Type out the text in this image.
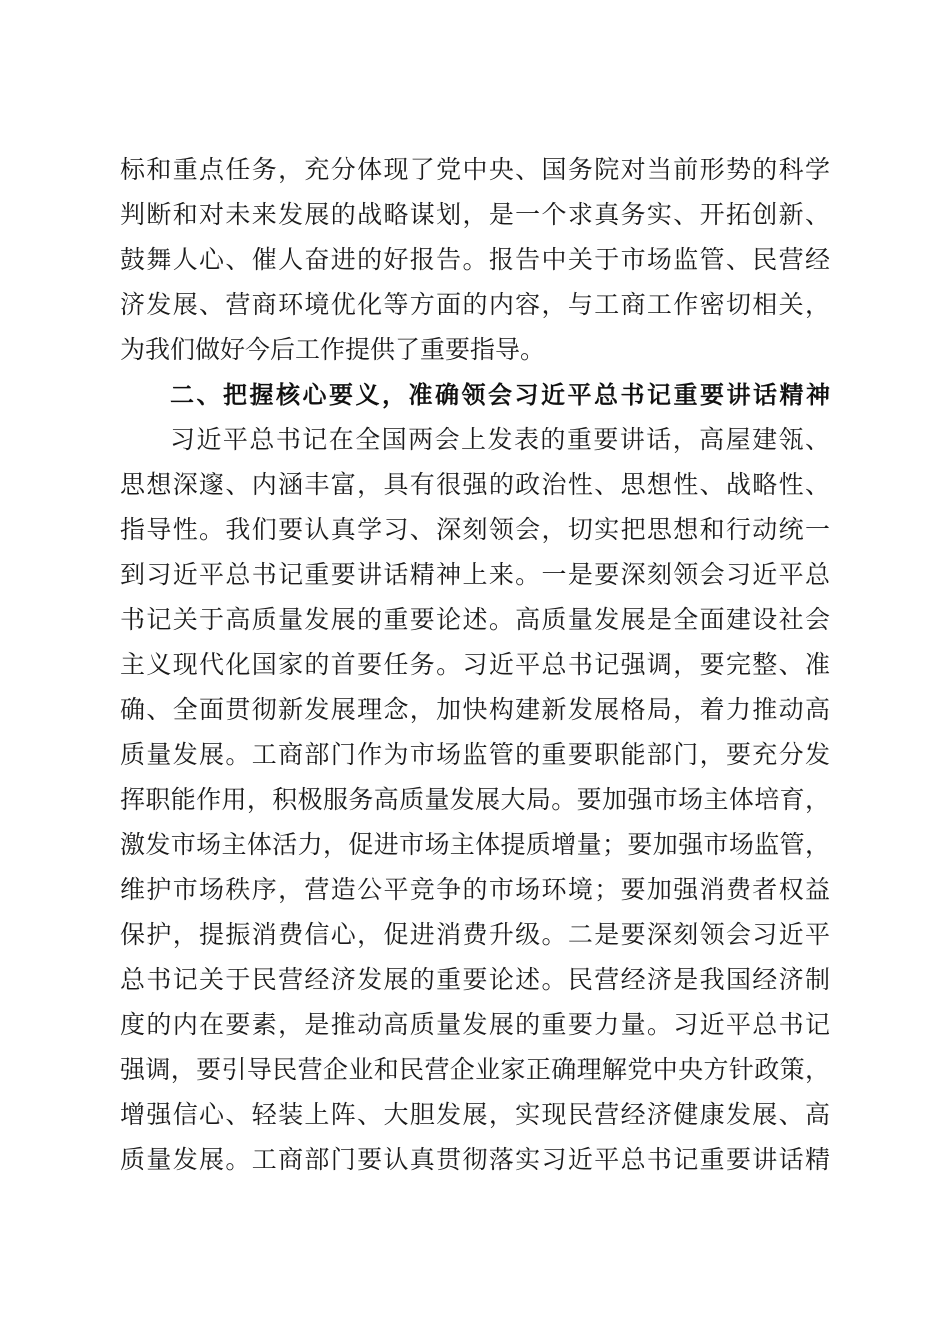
标和重点任务，充分体现了党中央、国务院对当前形势的科学

判断和对未来发展的战略谋划，是一个求真务实、开拓创新、

鼓舞人心、催人奋进的好报告。报告中关于市场监管、民营经

济发展、营商环境优化等方面的内容，与工商工作密切相关，

为我们做好今后工作提供了重要指导。

二、把握核心要义，准确领会习近平总书记重要讲话精神

习近平总书记在全国两会上发表的重要讲话，高屋建瓴、

思想深邃、内涵丰富，具有很强的政治性、思想性、战略性、

指导性。我们要认真学习、深刻领会，切实把思想和行动统一

到习近平总书记重要讲话精神上来。一是要深刻领会习近平总

书记关于高质量发展的重要论述。高质量发展是全面建设社会

主义现代化国家的首要任务。习近平总书记强调，要完整、准

确、全面贯彻新发展理念，加快构建新发展格局，着力推动高

质量发展。工商部门作为市场监管的重要职能部门，要充分发

挥职能作用，积极服务高质量发展大局。要加强市场主体培育，

激发市场主体活力，促进市场主体提质增量；要加强市场监管，

维护市场秩序，营造公平竞争的市场环境；要加强消费者权益

保护，提振消费信心，促进消费升级。二是要深刻领会习近平

总书记关于民营经济发展的重要论述。民营经济是我国经济制

度的内在要素，是推动高质量发展的重要力量。习近平总书记

强调，要引导民营企业和民营企业家正确理解党中央方针政策，

增强信心、轻装上阵、大胆发展，实现民营经济健康发展、高

质量发展。工商部门要认真贯彻落实习近平总书记重要讲话精
